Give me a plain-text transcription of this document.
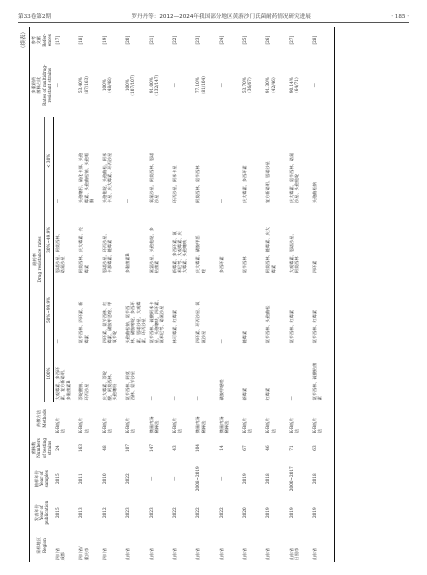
第33卷第2期	罗丹丹等：2012—2024年我国部分地区黄游沙门氏菌耐药情况研究进展	· 185 ·
（续表）
采样地区
Region	发表年份
Year of
publication	抽样年份
Year of
samples	菌株数
Numbers
of testing
strains	药敏方法
Methods	耐药率
Drug resistance rates				多重耐药
菌株占比
Rates of multidrug-
resistant strains	参考
文献
Refer-
ences
					100%	50%~99.9%	30%~49.9%	< 30%		
四川省
成都	2015	2015	24	K-B纸片
法	大观霉素、多西环
素、复方新诺明、
多黏菌素B	—	恩诺沙星、阿莫西林、
诺氟沙星	—	—	[17]
四川省/
重庆市	2013	2011	163	K-B纸片
法	萘啶酸钠、
环丙沙星	氨苄西林、四环素、新
霉素	阿莫西林、庆大霉素、壳
霉素	头孢噻肟、硫化卡那、头孢
霉素、头孢曲松钠、头孢哌
酮	53.40%
（87/163）	[18]
四川省	2012	2010	48	K-B纸片
法	庆大霉素、萘啶
酸、阿莫西林、
头孢噻吩	四环素、氨苄西林、红
霉素、磺胺甲恶唑、甲
氧苄啶	恩诺沙星、环丙沙星、
卡那霉素、链霉素	头孢他啶、头孢曲松、阿米
卡星、庆大霉素、环丙沙星	100%
（48/48）	[19]
山东省	2023	2022	107	K-B纸片
法	氨苄西林、阿莫
西林、氨苄沙星	头孢曲松钠、氨苄西
林、磺胺嘧啶、多西环
素、恩诺沙星、大观霉
素、环丙沙星	多黏菌素B	—	100%
（107/107）	[20]
山东省	2023	—	147	微量肉汤
稀释法	—	氨苄西林、硫酸阿米卡
星、头孢噻呋、四环素、
氟苯尼考、诺氟沙星	氟氯沙星、头孢他啶、多
粘菌素	氧氟沙星、阿莫西林、恩诺
沙星	91.00%
（132/147）	[21]
山东省	2022	—	43	K-B纸片
法	—	林可霉素、红霉素	新霉素、多西环素、氟
苯尼考、大观霉素、庆
大霉素、头孢噻呋	环丙沙星、阿米卡星	—	[22]
山东省	2022	2008~2019	104	微量肉汤
稀释法	—	四环素、环丙沙星、氧
氟沙星	庆大霉素、磺胺甲恶
唑	阿莫西林、氨苄西林	77.10%
（81/104）	[23]
山东省	2022	—	14	微量肉汤
稀释法	磺胺甲噁唑	—	多西环素	—	—	[24]
山东省	2020	2019	67	K-B纸片
法	新霉素	链霉素	氨苄西林	庆大霉素、多西环素	53.70%
（36/67）	[25]
山东省	2019	2018	46	K-B纸片
法	红霉素	氨苄西林、头孢曲松	阿莫西林、链霉素、庆大
霉素	复方新诺明、恩诺沙星	91.30%
（42/46）	[26]
山东省
日照市	2019	2000~2017	71	K-B纸片
法	—	氨苄西林、红霉素	大观霉素、恩诺沙星、
阿莫西林	庆大霉素、氨苄西林、诺氟
沙星、头孢他啶	90.14%
（64/71）	[27]
山东省	2019	2018	63	K-B纸片
法	氨苄西林、硫酸粘菌
素	氨苄西林、红霉素	四环素	头孢曲松钠	—	[28]
